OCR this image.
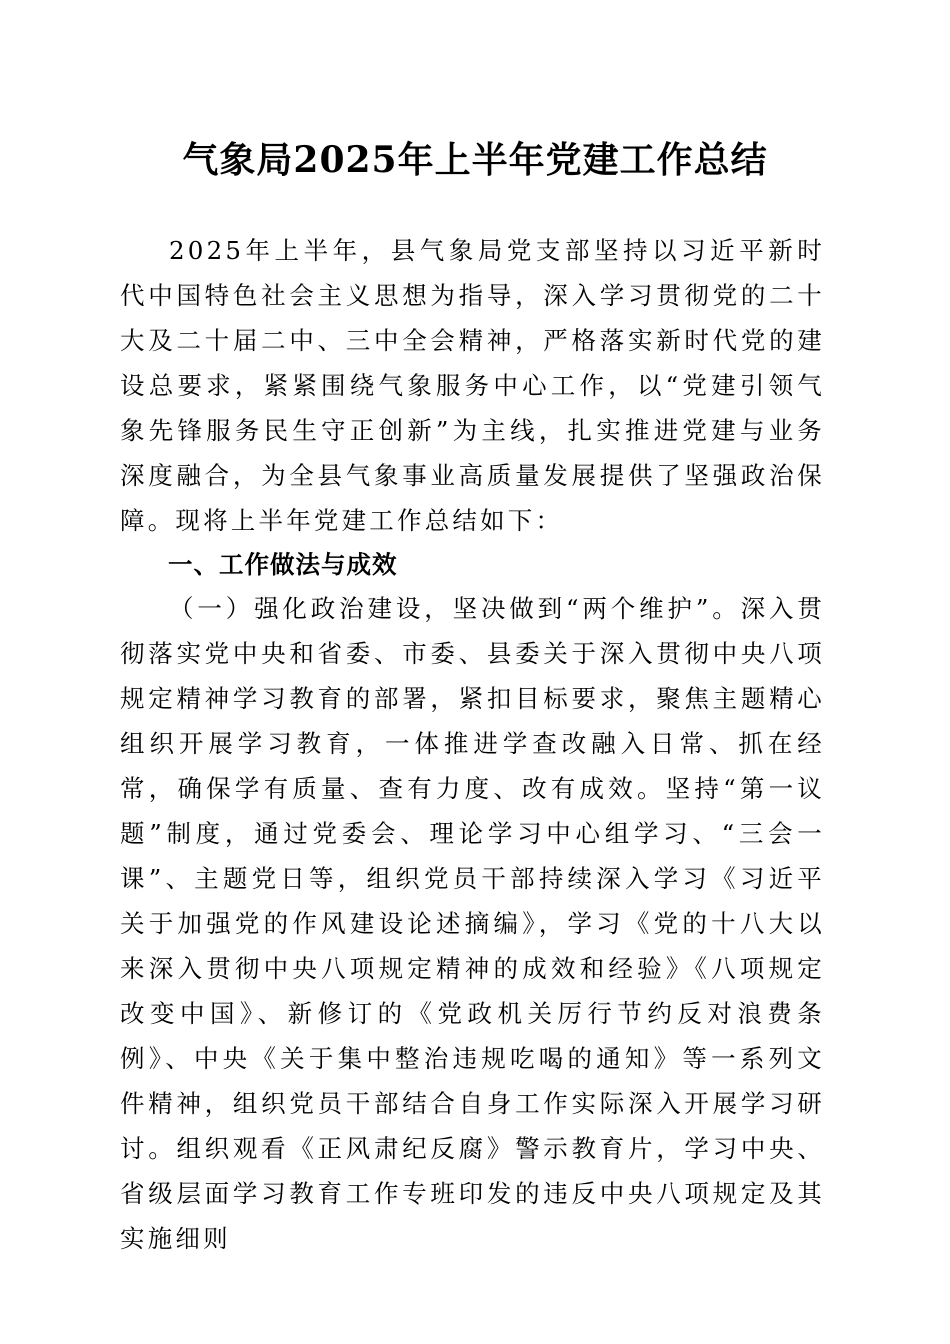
气象局2025年上半年党建工作总结

2025年上半年，县气象局党支部坚持以习近平新时代中国特色社会主义思想为指导，深入学习贯彻党的二十大及二十届二中、三中全会精神，严格落实新时代党的建设总要求，紧紧围绕气象服务中心工作，以“党建引领气象先锋服务民生守正创新”为主线，扎实推进党建与业务深度融合，为全县气象事业高质量发展提供了坚强政治保障。现将上半年党建工作总结如下：

一、工作做法与成效

（一）强化政治建设，坚决做到“两个维护”。深入贯彻落实党中央和省委、市委、县委关于深入贯彻中央八项规定精神学习教育的部署，紧扣目标要求，聚焦主题精心组织开展学习教育，一体推进学查改融入日常、抓在经常，确保学有质量、查有力度、改有成效。坚持“第一议题”制度，通过党委会、理论学习中心组学习、“三会一课”、主题党日等，组织党员干部持续深入学习《习近平关于加强党的作风建设论述摘编》，学习《党的十八大以来深入贯彻中央八项规定精神的成效和经验》《八项规定改变中国》、新修订的《党政机关厉行节约反对浪费条例》、中央《关于集中整治违规吃喝的通知》等一系列文件精神，组织党员干部结合自身工作实际深入开展学习研讨。组织观看《正风肃纪反腐》警示教育片，学习中央、省级层面学习教育工作专班印发的违反中央八项规定及其实施细则
